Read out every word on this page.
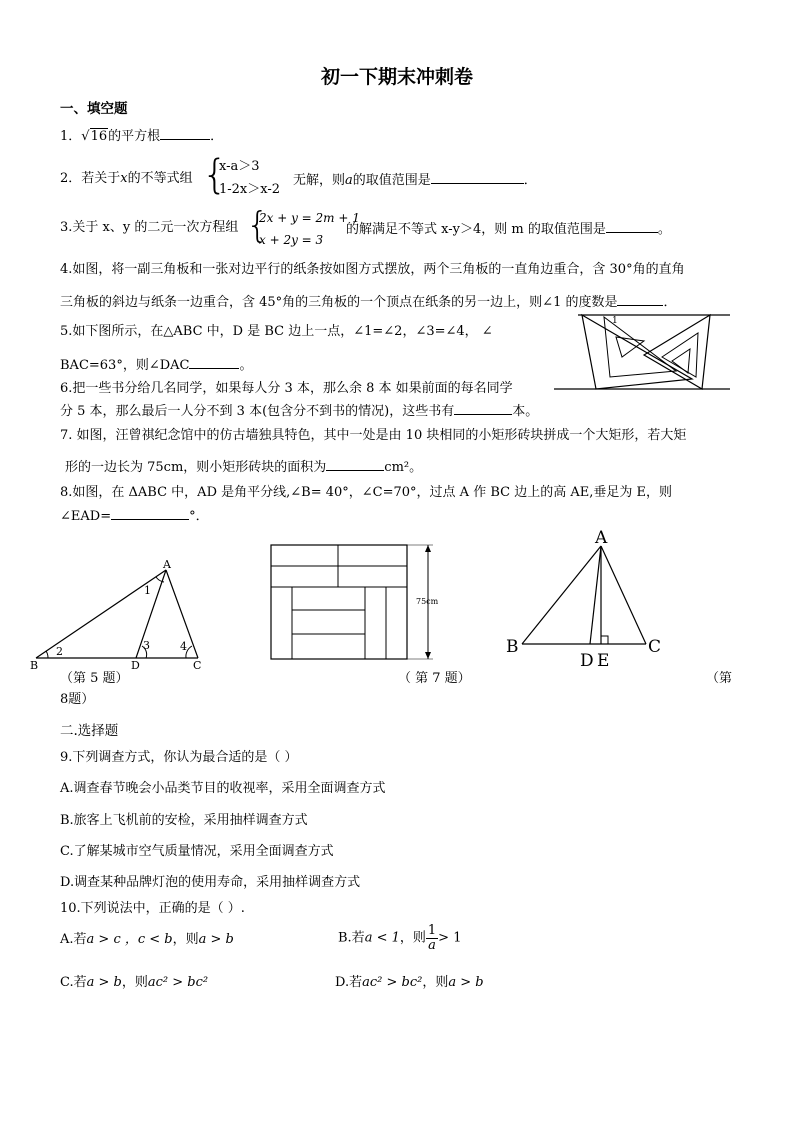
初一下期末冲刺卷
一、填空题
1．√16的平方根	．
2．若关于x的不等式组 {
x-a＞3
1-2x＞x-2
无解，则a的取值范围是	．
3.关于 x、y 的二元一次方程组 {
2x + y = 2m + 1
x + 2y = 3
的解满足不等式 x-y＞4，则 m 的取值范围是	。
4.如图，将一副三角板和一张对边平行的纸条按如图方式摆放，两个三角板的一直角边重合，含 30°角的直角
三角板的斜边与纸条一边重合，含 45°角的三角板的一个顶点在纸条的另一边上，则∠1 的度数是	．
5.如下图所示，在△ABC 中，D 是 BC 边上一点，∠1=∠2，∠3=∠4， ∠
BAC=63°，则∠DAC	。
1
6.把一些书分给几名同学，如果每人分 3 本，那么余 8 本 如果前面的每名同学
分 5 本，那么最后一人分不到 3 本(包含分不到书的情况)，这些书有	本。
7. 如图，汪曾祺纪念馆中的仿古墙独具特色，其中一处是由 10 块相同的小矩形砖块拼成一个大矩形，若大矩
形的一边长为 75cm，则小矩形砖块的面积为	cm²。
8.如图，在 ΔABC 中，AD 是角平分线,∠B= 40°，∠C=70°，过点 A 作 BC 边上的高 AE,垂足为 E，则
∠EAD=	°．
A
B	C
D
1
2	3	4
75cm
A
B	C
D E
（第 5 题）	（ 第 7 题）	（第
8题）
二.选择题
9.下列调查方式，你认为最合适的是（ ）
A.调查春节晚会小品类节目的收视率，采用全面调查方式
B.旅客上飞机前的安检，采用抽样调查方式
C.了解某城市空气质量情况，采用全面调查方式
D.调查某种品牌灯泡的使用寿命，采用抽样调查方式
10.下列说法中，正确的是（ ）.
A.若a > c ，c < b，则a > b	B.若a < 1，则 $\frac{1}{a} > 1$
C.若a > b，则ac² > bc²	D.若ac² > bc²，则a > b
